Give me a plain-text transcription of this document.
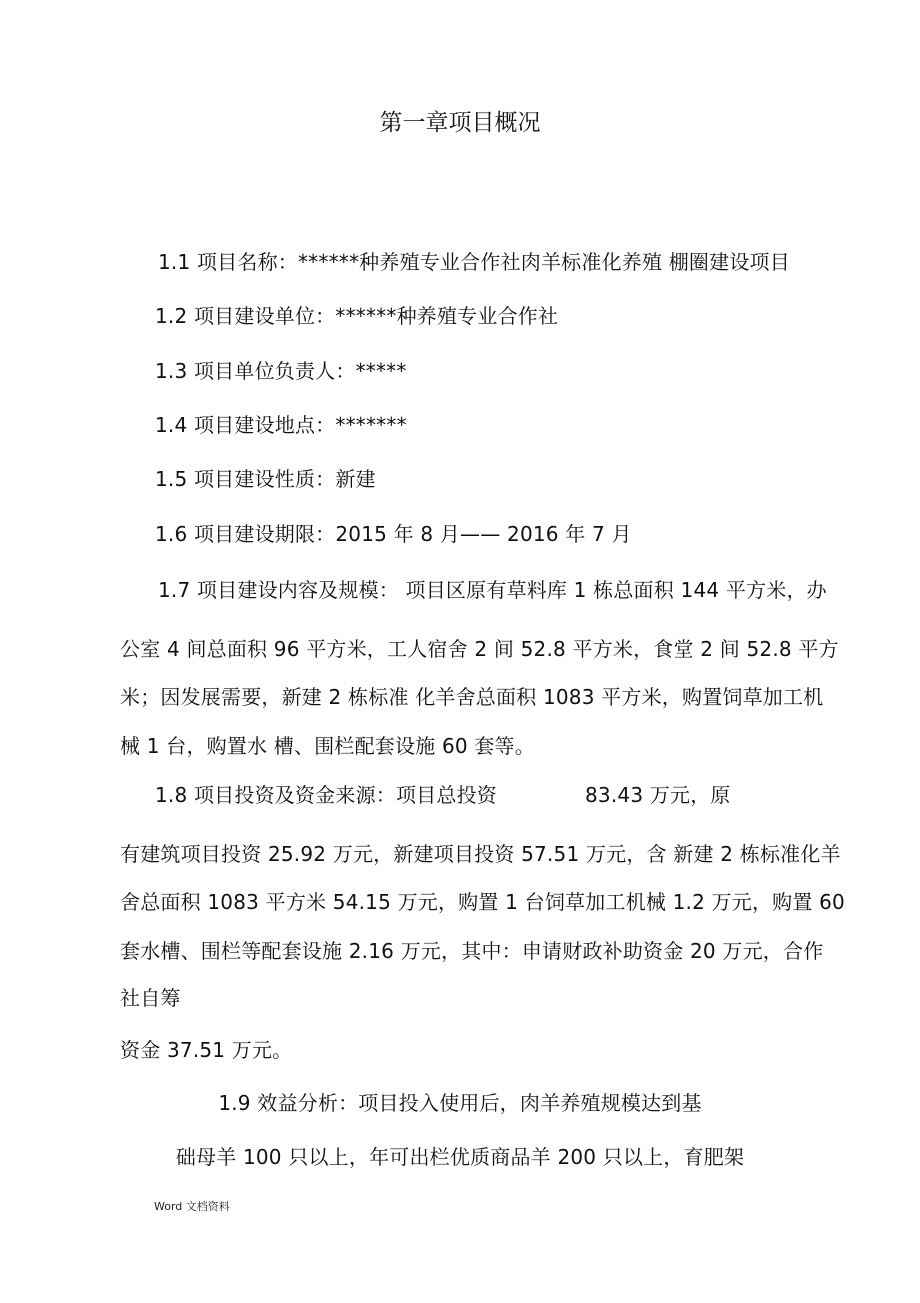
第一章项目概况
1.1 项目名称：******种养殖专业合作社肉羊标准化养殖 棚圈建设项目
1.2 项目建设单位：******种养殖专业合作社
1.3 项目单位负责人：*****
1.4 项目建设地点：*******
1.5 项目建设性质：新建
1.6 项目建设期限：2015 年 8 月—— 2016 年 7 月
1.7 项目建设内容及规模： 项目区原有草料库 1 栋总面积 144 平方米，办
公室 4 间总面积 96 平方米，工人宿舍 2 间 52.8 平方米，食堂 2 间 52.8 平方
米；因发展需要，新建 2 栋标准 化羊舍总面积 1083 平方米，购置饲草加工机
械 1 台，购置水 槽、围栏配套设施 60 套等。
1.8 项目投资及资金来源：项目总投资	83.43 万元，原
有建筑项目投资 25.92 万元，新建项目投资 57.51 万元，含 新建 2 栋标准化羊
舍总面积 1083 平方米 54.15 万元，购置 1 台饲草加工机械 1.2 万元，购置 60
套水槽、围栏等配套设施 2.16 万元，其中：申请财政补助资金 20 万元，合作
社自筹
资金 37.51 万元。
1.9 效益分析：项目投入使用后，肉羊养殖规模达到基
础母羊 100 只以上，年可出栏优质商品羊 200 只以上，育肥架
Word 文档资料
